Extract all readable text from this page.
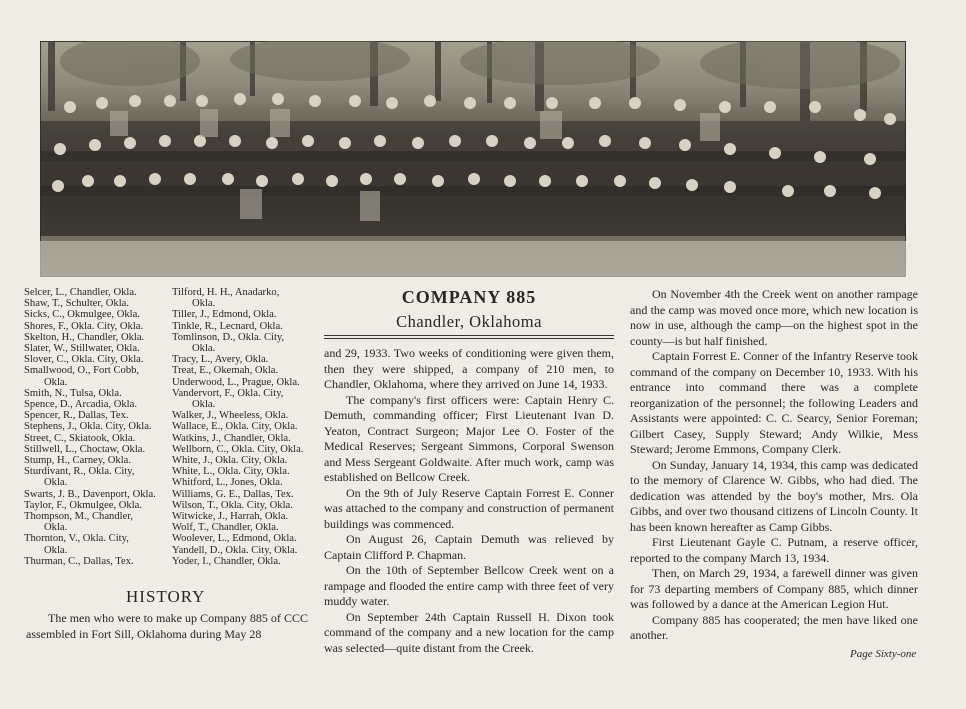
Selcer, L., Chandler, Okla.
Shaw, T., Schulter, Okla.
Sicks, C., Okmulgee, Okla.
Shores, F., Okla. City, Okla.
Skelton, H., Chandler, Okla.
Slater, W., Stillwater, Okla.
Slover, C., Okla. City, Okla.
Smallwood, O., Fort Cobb,
Okla.
Smith, N., Tulsa, Okla.
Spence, D., Arcadia, Okla.
Spencer, R., Dallas, Tex.
Stephens, J., Okla. City, Okla.
Street, C., Skiatook, Okla.
Stillwell, L., Choctaw, Okla.
Stump, H., Carney, Okla.
Sturdivant, R., Okla. City,
Okla.
Swarts, J. B., Davenport, Okla.
Taylor, F., Okmulgee, Okla.
Thompson, M., Chandler,
Okla.
Thornton, V., Okla. City,
Okla.
Thurman, C., Dallas, Tex.
Tilford, H. H., Anadarko,
Okla.
Tiller, J., Edmond, Okla.
Tinkle, R., Lecnard, Okla.
Tomlinson, D., Okla. City,
Okla.
Tracy, L., Avery, Okla.
Treat, E., Okemah, Okla.
Underwood, L., Prague, Okla.
Vandervort, F., Okla. City,
Okla.
Walker, J., Wheeless, Okla.
Wallace, E., Okla. City, Okla.
Watkins, J., Chandler, Okla.
Wellborn, C., Okla. City, Okla.
White, J., Okla. City, Okla.
White, L., Okla. City, Okla.
Whitford, L., Jones, Okla.
Williams, G. E., Dallas, Tex.
Wilson, T., Okla. City, Okla.
Witwicke, J., Harrah, Okla.
Wolf, T., Chandler, Okla.
Woolever, L., Edmond, Okla.
Yandell, D., Okla. City, Okla.
Yoder, I., Chandler, Okla.
HISTORY
The men who were to make up Company 885 of CCC assembled in Fort Sill, Oklahoma during May 28
COMPANY 885
Chandler, Oklahoma

and 29, 1933. Two weeks of conditioning were given them, then they were shipped, a company of 210 men, to Chandler, Oklahoma, where they arrived on June 14, 1933.

The company's first officers were: Captain Henry C. Demuth, commanding officer; First Lieutenant Ivan D. Yeaton, Contract Surgeon; Major Lee O. Foster of the Medical Reserves; Sergeant Simmons, Corporal Swenson and Mess Sergeant Goldwaite. After much work, camp was established on Bellcow Creek.

On the 9th of July Reserve Captain Forrest E. Conner was attached to the company and construction of permanent buildings was commenced.

On August 26, Captain Demuth was relieved by Captain Clifford P. Chapman.

On the 10th of September Bellcow Creek went on a rampage and flooded the entire camp with three feet of very muddy water.

On September 24th Captain Russell H. Dixon took command of the company and a new location for the camp was selected—quite distant from the Creek.

On November 4th the Creek went on another rampage and the camp was moved once more, which new location is now in use, although the camp—on the highest spot in the county—is but half finished.

Captain Forrest E. Conner of the Infantry Reserve took command of the company on December 10, 1933. With his entrance into command there was a complete reorganization of the personnel; the following Leaders and Assistants were appointed: C. C. Searcy, Senior Foreman; Gilbert Casey, Supply Steward; Andy Wilkie, Mess Steward; Jerome Emmons, Company Clerk.

On Sunday, January 14, 1934, this camp was dedicated to the memory of Clarence W. Gibbs, who had died. The dedication was attended by the boy's mother, Mrs. Ola Gibbs, and over two thousand citizens of Lincoln County. It has been known hereafter as Camp Gibbs.

First Lieutenant Gayle C. Putnam, a reserve officer, reported to the company March 13, 1934.

Then, on March 29, 1934, a farewell dinner was given for 73 departing members of Company 885, which dinner was followed by a dance at the American Legion Hut.

Company 885 has cooperated; the men have liked one another.

Page Sixty-one
